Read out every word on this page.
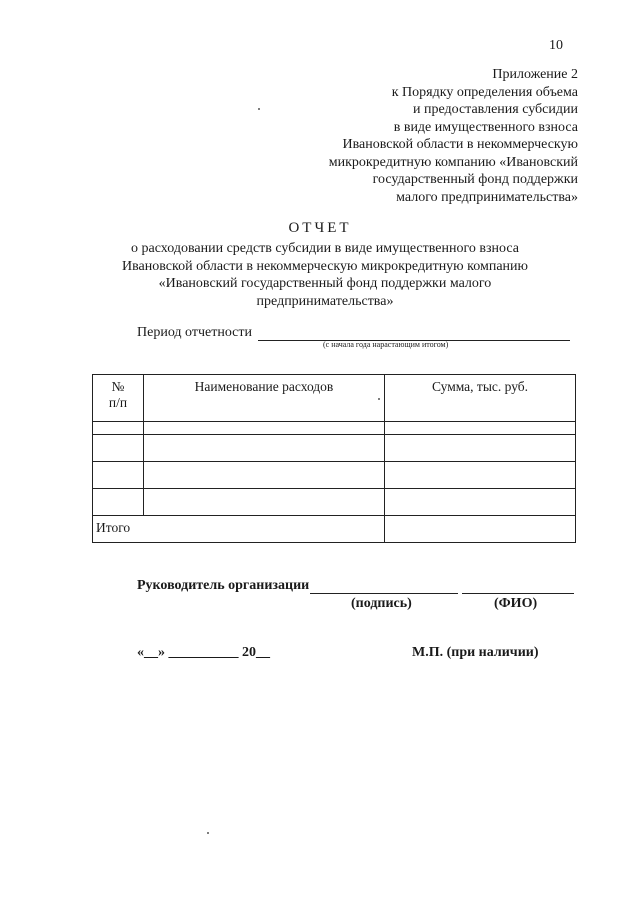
10
Приложение 2
к Порядку определения объема
и предоставления субсидии
в виде имущественного взноса
Ивановской области в некоммерческую
микрокредитную компанию «Ивановский
государственный фонд поддержки
малого предпринимательства»
ОТЧЕТ
о расходовании средств субсидии в виде имущественного взноса
Ивановской области в некоммерческую микрокредитную компанию
«Ивановский государственный фонд поддержки малого
предпринимательства»
Период отчетности
(с начала года нарастающим итогом)
№
п/п	Наименование расходов	Сумма, тыс. руб.

Итого		
Руководитель организации
(подпись)	(ФИО)
«__» __________ 20__	М.П. (при наличии)
